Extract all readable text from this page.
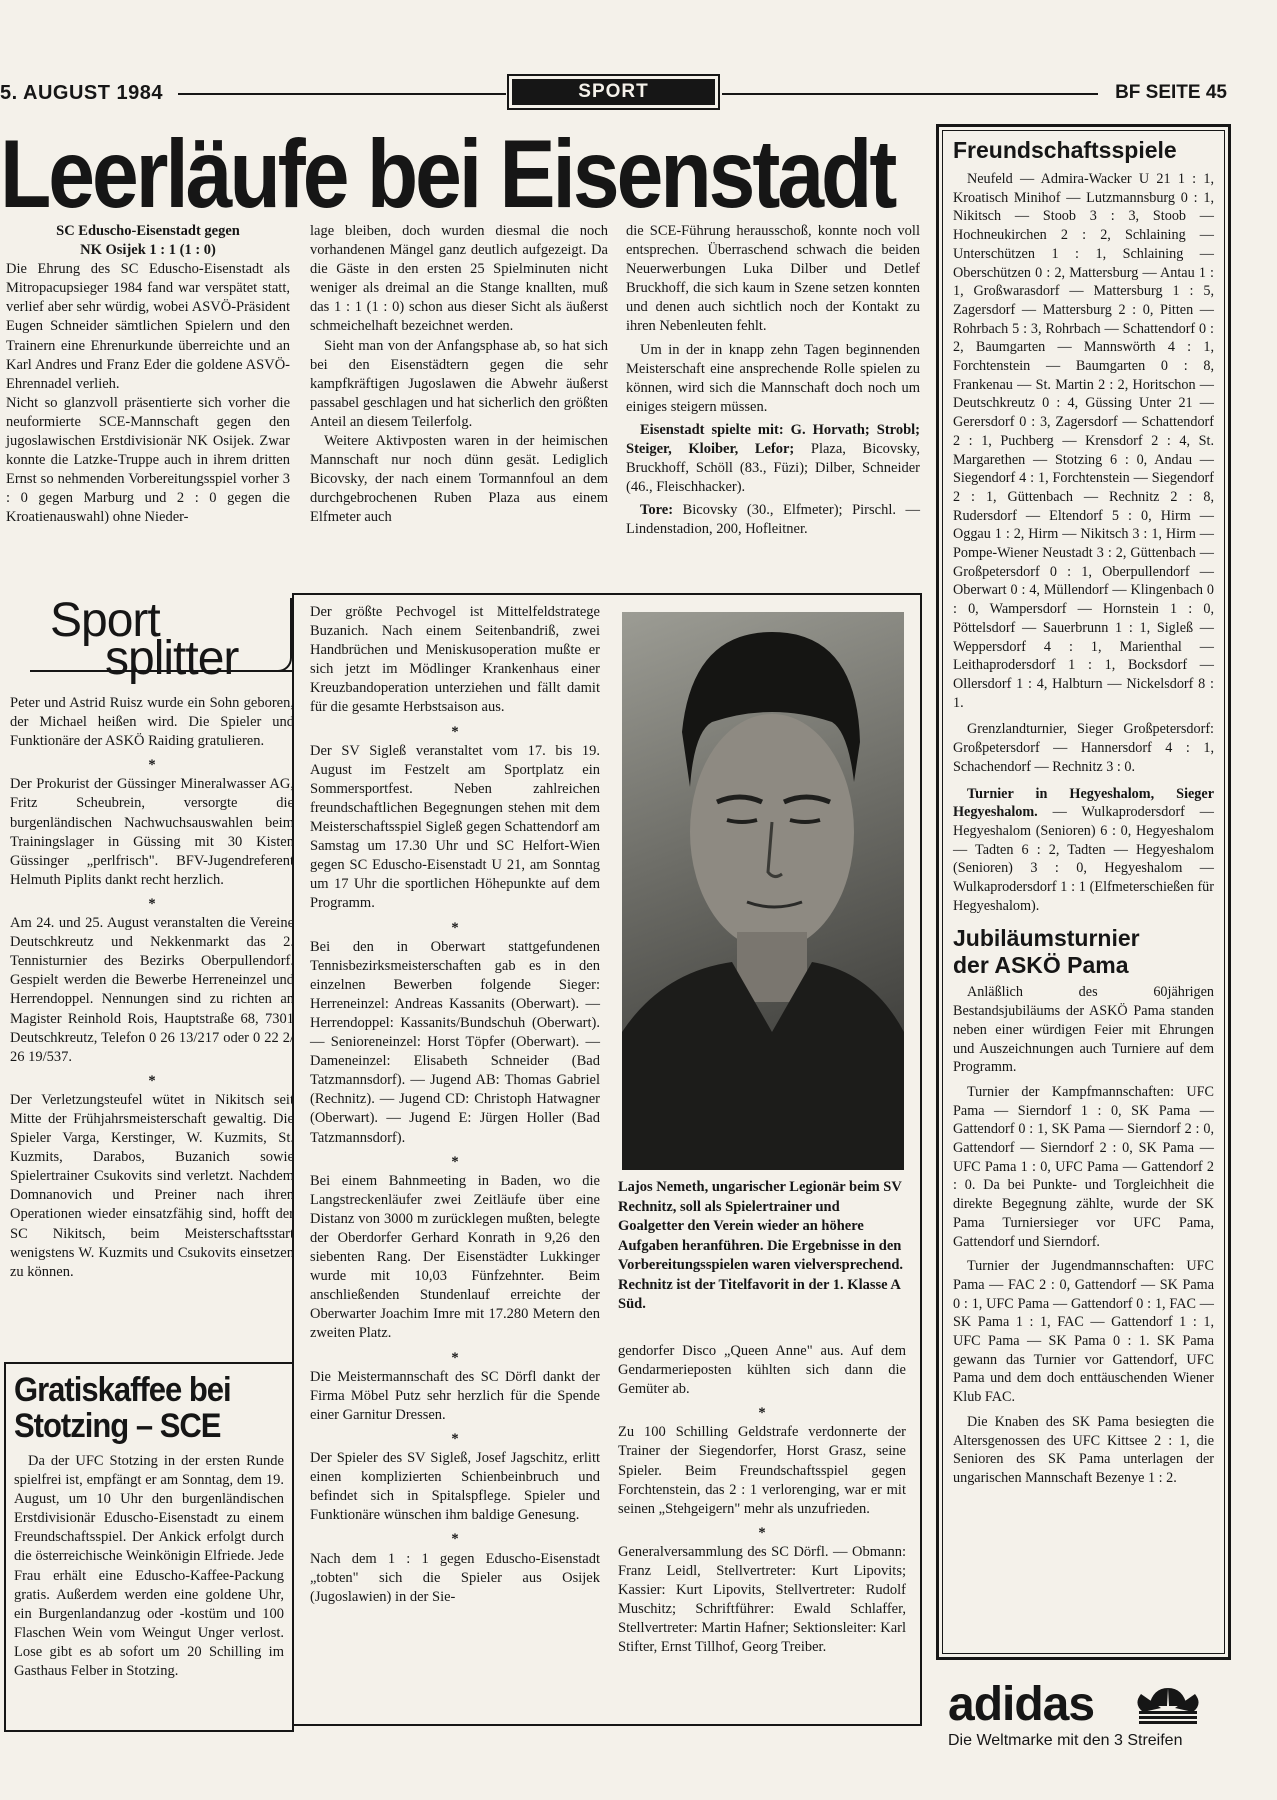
5. AUGUST 1984	SPORT	BF SEITE 45
Leerläufe bei Eisenstadt

SC Eduscho-Eisenstadt gegen

NK Osijek 1 : 1 (1 : 0)

Die Ehrung des SC Eduscho-Eisenstadt als Mitropacupsieger 1984 fand war verspätet statt, verlief aber sehr würdig, wobei ASVÖ-Präsident Eugen Schneider sämtlichen Spielern und den Trainern eine Ehrenurkunde überreichte und an Karl Andres und Franz Eder die goldene ASVÖ-Ehrennadel verlieh.

Nicht so glanzvoll präsentierte sich vorher die neuformierte SCE-Mannschaft gegen den jugoslawischen Erstdivisionär NK Osijek. Zwar konnte die Latzke-Truppe auch in ihrem dritten Ernst so nehmenden Vorbereitungsspiel vorher 3 : 0 gegen Marburg und 2 : 0 gegen die Kroatienauswahl) ohne Nieder-

lage bleiben, doch wurden diesmal die noch vorhandenen Mängel ganz deutlich aufgezeigt. Da die Gäste in den ersten 25 Spielminuten nicht weniger als dreimal an die Stange knallten, muß das 1 : 1 (1 : 0) schon aus dieser Sicht als äußerst schmeichelhaft bezeichnet werden.

Sieht man von der Anfangsphase ab, so hat sich bei den Eisenstädtern gegen die sehr kampfkräftigen Jugoslawen die Abwehr äußerst passabel geschlagen und hat sicherlich den größten Anteil an diesem Teilerfolg.

Weitere Aktivposten waren in der heimischen Mannschaft nur noch dünn gesät. Lediglich Bicovsky, der nach einem Tormannfoul an dem durchgebrochenen Ruben Plaza aus einem Elfmeter auch

die SCE-Führung herausschoß, konnte noch voll entsprechen. Überraschend schwach die beiden Neuerwerbungen Luka Dilber und Detlef Bruckhoff, die sich kaum in Szene setzen konnten und denen auch sichtlich noch der Kontakt zu ihren Nebenleuten fehlt.

Um in der in knapp zehn Tagen beginnenden Meisterschaft eine ansprechende Rolle spielen zu können, wird sich die Mannschaft doch noch um einiges steigern müssen.

Eisenstadt spielte mit: G. Horvath; Strobl; Steiger, Kloiber, Lefor; Plaza, Bicovsky, Bruckhoff, Schöll (83., Füzi); Dilber, Schneider (46., Fleischhacker).

Tore: Bicovsky (30., Elfmeter); Pirschl. — Lindenstadion, 200, Hofleitner.

Sport
splitter

Peter und Astrid Ruisz wurde ein Sohn geboren, der Michael heißen wird. Die Spieler und Funktionäre der ASKÖ Raiding gratulieren.

*

Der Prokurist der Güssinger Mineralwasser AG, Fritz Scheubrein, versorgte die burgenländischen Nachwuchsauswahlen beim Trainingslager in Güssing mit 30 Kisten Güssinger „perlfrisch". BFV-Jugendreferent Helmuth Piplits dankt recht herzlich.

*

Am 24. und 25. August veranstalten die Vereine Deutschkreutz und Nekkenmarkt das 2. Tennisturnier des Bezirks Oberpullendorf. Gespielt werden die Bewerbe Herreneinzel und Herrendoppel. Nennungen sind zu richten an Magister Reinhold Rois, Hauptstraße 68, 7301 Deutschkreutz, Telefon 0 26 13/217 oder 0 22 2/ 26 19/537.

*

Der Verletzungsteufel wütet in Nikitsch seit Mitte der Frühjahrsmeisterschaft gewaltig. Die Spieler Varga, Kerstinger, W. Kuzmits, St. Kuzmits, Darabos, Buzanich sowie Spielertrainer Csukovits sind verletzt. Nachdem Domnanovich und Preiner nach ihren Operationen wieder einsatzfähig sind, hofft der SC Nikitsch, beim Meisterschaftsstart wenigstens W. Kuzmits und Csukovits einsetzen zu können.

Der größte Pechvogel ist Mittelfeldstratege Buzanich. Nach einem Seitenbandriß, zwei Handbrüchen und Meniskusoperation mußte er sich jetzt im Mödlinger Krankenhaus einer Kreuzbandoperation unterziehen und fällt damit für die gesamte Herbstsaison aus.

*

Der SV Sigleß veranstaltet vom 17. bis 19. August im Festzelt am Sportplatz ein Sommersportfest. Neben zahlreichen freundschaftlichen Begegnungen stehen mit dem Meisterschaftsspiel Sigleß gegen Schattendorf am Samstag um 17.30 Uhr und SC Helfort-Wien gegen SC Eduscho-Eisenstadt U 21, am Sonntag um 17 Uhr die sportlichen Höhepunkte auf dem Programm.

*

Bei den in Oberwart stattgefundenen Tennisbezirksmeisterschaften gab es in den einzelnen Bewerben folgende Sieger: Herreneinzel: Andreas Kassanits (Oberwart). — Herrendoppel: Kassanits/Bundschuh (Oberwart). — Senioreneinzel: Horst Töpfer (Oberwart). — Dameneinzel: Elisabeth Schneider (Bad Tatzmannsdorf). — Jugend AB: Thomas Gabriel (Rechnitz). — Jugend CD: Christoph Hatwagner (Oberwart). — Jugend E: Jürgen Holler (Bad Tatzmannsdorf).

*

Bei einem Bahnmeeting in Baden, wo die Langstreckenläufer zwei Zeitläufe über eine Distanz von 3000 m zurücklegen mußten, belegte der Oberdorfer Gerhard Konrath in 9,26 den siebenten Rang. Der Eisenstädter Lukkinger wurde mit 10,03 Fünfzehnter. Beim anschließenden Stundenlauf erreichte der Oberwarter Joachim Imre mit 17.280 Metern den zweiten Platz.

*

Die Meistermannschaft des SC Dörfl dankt der Firma Möbel Putz sehr herzlich für die Spende einer Garnitur Dressen.

*

Der Spieler des SV Sigleß, Josef Jagschitz, erlitt einen komplizierten Schienbeinbruch und befindet sich in Spitalspflege. Spieler und Funktionäre wünschen ihm baldige Genesung.

*

Nach dem 1 : 1 gegen Eduscho-Eisenstadt „tobten" sich die Spieler aus Osijek (Jugoslawien) in der Sie-

Lajos Nemeth, ungarischer Legionär beim SV Rechnitz, soll als Spielertrainer und Goalgetter den Verein wieder an höhere Aufgaben heranführen. Die Ergebnisse in den Vorbereitungsspielen waren vielversprechend. Rechnitz ist der Titelfavorit in der 1. Klasse A Süd.

gendorfer Disco „Queen Anne" aus. Auf dem Gendarmerieposten kühlten sich dann die Gemüter ab.

*

Zu 100 Schilling Geldstrafe verdonnerte der Trainer der Siegendorfer, Horst Grasz, seine Spieler. Beim Freundschaftsspiel gegen Forchtenstein, das 2 : 1 verlorenging, war er mit seinen „Stehgeigern" mehr als unzufrieden.

*

Generalversammlung des SC Dörfl. — Obmann: Franz Leidl, Stellvertreter: Kurt Lipovits; Kassier: Kurt Lipovits, Stellvertreter: Rudolf Muschitz; Schriftführer: Ewald Schlaffer, Stellvertreter: Martin Hafner; Sektionsleiter: Karl Stifter, Ernst Tillhof, Georg Treiber.

Gratiskaffee bei
Stotzing – SCE

Da der UFC Stotzing in der ersten Runde spielfrei ist, empfängt er am Sonntag, dem 19. August, um 10 Uhr den burgenländischen Erstdivisionär Eduscho-Eisenstadt zu einem Freundschaftsspiel. Der Ankick erfolgt durch die österreichische Weinkönigin Elfriede. Jede Frau erhält eine Eduscho-Kaffee-Packung gratis. Außerdem werden eine goldene Uhr, ein Burgenlandanzug oder -kostüm und 100 Flaschen Wein vom Weingut Unger verlost. Lose gibt es ab sofort um 20 Schilling im Gasthaus Felber in Stotzing.

Freundschaftsspiele

Neufeld — Admira-Wacker U 21 1 : 1, Kroatisch Minihof — Lutzmannsburg 0 : 1, Nikitsch — Stoob 3 : 3, Stoob — Hochneukirchen 2 : 2, Schlaining — Unterschützen 1 : 1, Schlaining — Oberschützen 0 : 2, Mattersburg — Antau 1 : 1, Großwarasdorf — Mattersburg 1 : 5, Zagersdorf — Mattersburg 2 : 0, Pitten — Rohrbach 5 : 3, Rohrbach — Schattendorf 0 : 2, Baumgarten — Mannswörth 4 : 1, Forchtenstein — Baumgarten 0 : 8, Frankenau — St. Martin 2 : 2, Horitschon — Deutschkreutz 0 : 4, Güssing Unter 21 — Gerersdorf 0 : 3, Zagersdorf — Schattendorf 2 : 1, Puchberg — Krensdorf 2 : 4, St. Margarethen — Stotzing 6 : 0, Andau — Siegendorf 4 : 1, Forchtenstein — Siegendorf 2 : 1, Güttenbach — Rechnitz 2 : 8, Rudersdorf — Eltendorf 5 : 0, Hirm — Oggau 1 : 2, Hirm — Nikitsch 3 : 1, Hirm — Pompe-Wiener Neustadt 3 : 2, Güttenbach — Großpetersdorf 0 : 1, Oberpullendorf — Oberwart 0 : 4, Müllendorf — Klingenbach 0 : 0, Wampersdorf — Hornstein 1 : 0, Pöttelsdorf — Sauerbrunn 1 : 1, Sigleß — Weppersdorf 4 : 1, Marienthal — Leithaprodersdorf 1 : 1, Bocksdorf — Ollersdorf 1 : 4, Halbturn — Nickelsdorf 8 : 1.

Grenzlandturnier, Sieger Großpetersdorf: Großpetersdorf — Hannersdorf 4 : 1, Schachendorf — Rechnitz 3 : 0.

Turnier in Hegyeshalom, Sieger Hegyeshalom. — Wulkaprodersdorf — Hegyeshalom (Senioren) 6 : 0, Hegyeshalom — Tadten 6 : 2, Tadten — Hegyeshalom (Senioren) 3 : 0, Hegyeshalom — Wulkaprodersdorf 1 : 1 (Elfmeterschießen für Hegyeshalom).

Jubiläumsturnier
der ASKÖ Pama

Anläßlich des 60jährigen Bestandsjubiläums der ASKÖ Pama standen neben einer würdigen Feier mit Ehrungen und Auszeichnungen auch Turniere auf dem Programm.

Turnier der Kampfmannschaften: UFC Pama — Sierndorf 1 : 0, SK Pama — Gattendorf 0 : 1, SK Pama — Sierndorf 2 : 0, Gattendorf — Sierndorf 2 : 0, SK Pama — UFC Pama 1 : 0, UFC Pama — Gattendorf 2 : 0. Da bei Punkte- und Torgleichheit die direkte Begegnung zählte, wurde der SK Pama Turniersieger vor UFC Pama, Gattendorf und Sierndorf.

Turnier der Jugendmannschaften: UFC Pama — FAC 2 : 0, Gattendorf — SK Pama 0 : 1, UFC Pama — Gattendorf 0 : 1, FAC — SK Pama 1 : 1, FAC — Gattendorf 1 : 1, UFC Pama — SK Pama 0 : 1. SK Pama gewann das Turnier vor Gattendorf, UFC Pama und dem doch enttäuschenden Wiener Klub FAC.

Die Knaben des SK Pama besiegten die Altersgenossen des UFC Kittsee 2 : 1, die Senioren des SK Pama unterlagen der ungarischen Mannschaft Bezenye 1 : 2.

adidas
Die Weltmarke mit den 3 Streifen
